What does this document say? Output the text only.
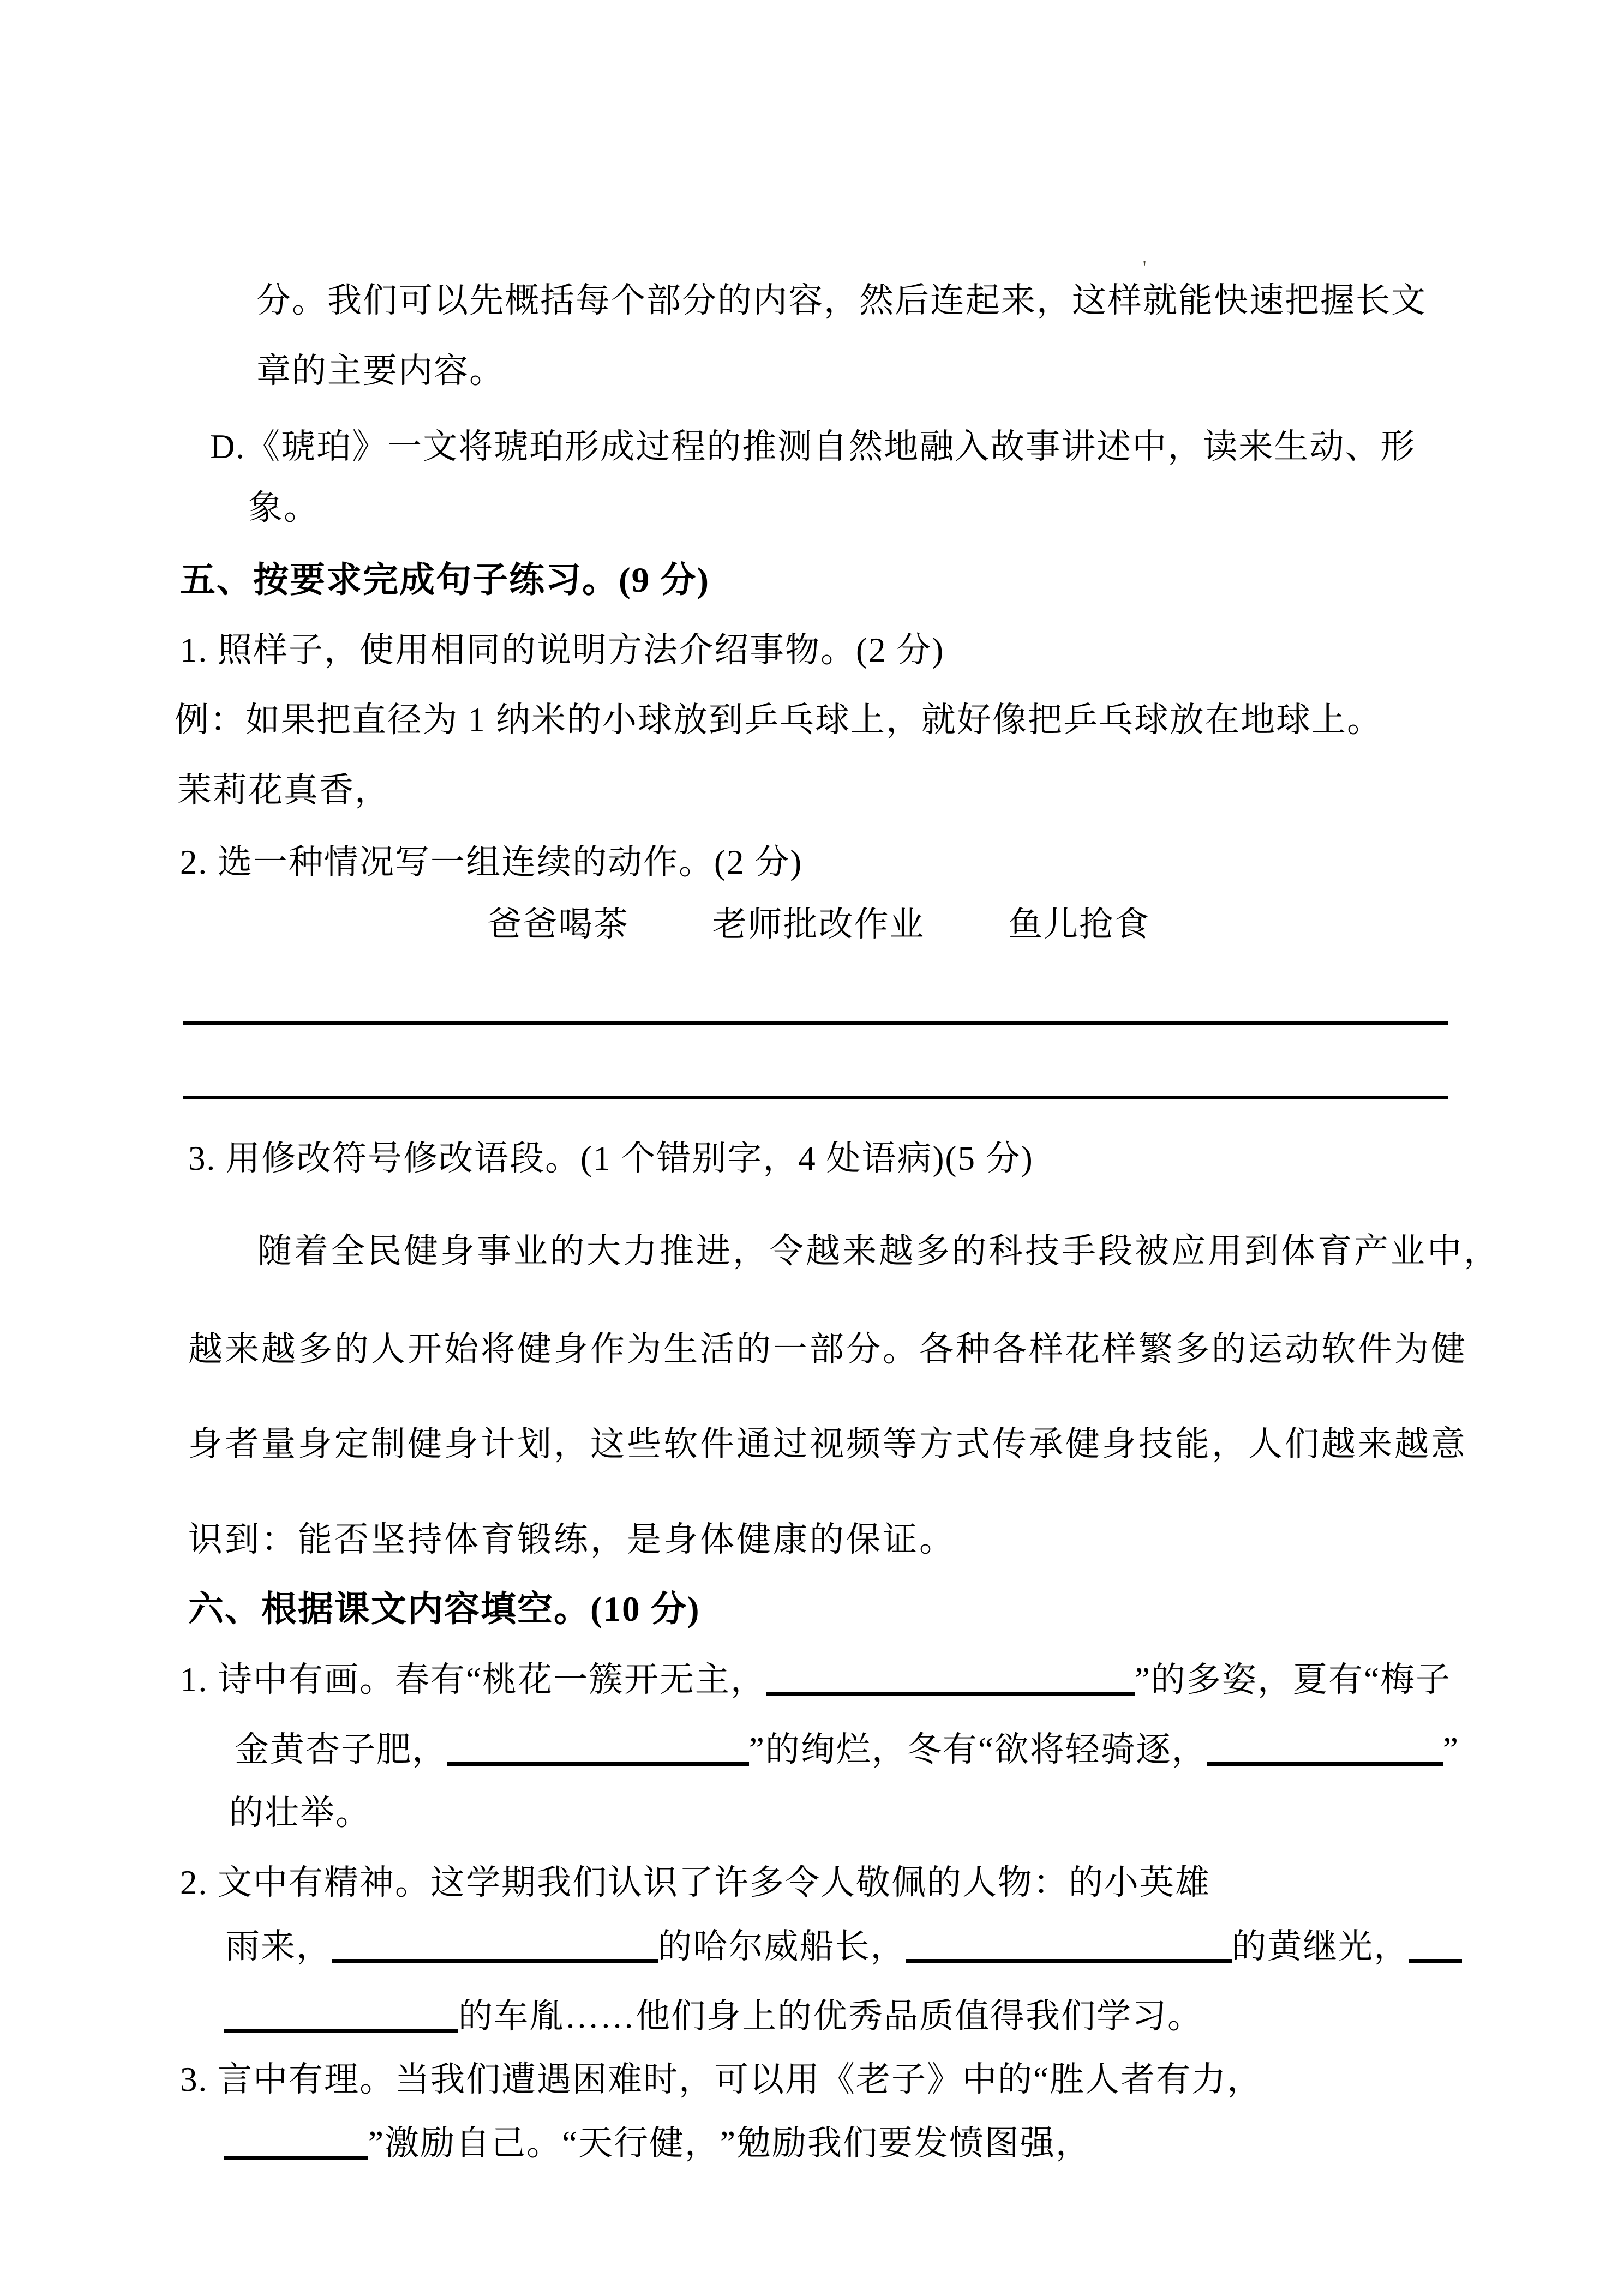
'
分。我们可以先概括每个部分的内容，然后连起来，这样就能快速把握长文
章的主要内容。
D.《琥珀》一文将琥珀形成过程的推测自然地融入故事讲述中，读来生动、形
象。
五、按要求完成句子练习。(9 分)
1. 照样子，使用相同的说明方法介绍事物。(2 分)
例：如果把直径为 1 纳米的小球放到乒乓球上，就好像把乒乓球放在地球上。
茉莉花真香，
2. 选一种情况写一组连续的动作。(2 分)
爸爸喝茶 老师批改作业 鱼儿抢食
3. 用修改符号修改语段。(1 个错别字，4 处语病)(5 分)
随着全民健身事业的大力推进，令越来越多的科技手段被应用到体育产业中，
越来越多的人开始将健身作为生活的一部分。各种各样花样繁多的运动软件为健
身者量身定制健身计划，这些软件通过视频等方式传承健身技能，人们越来越意
识到：能否坚持体育锻练，是身体健康的保证。
六、根据课文内容填空。(10 分)
1. 诗中有画。春有“桃花一簇开无主，	”的多姿，夏有“梅子
金黄杏子肥，	”的绚烂，冬有“欲将轻骑逐，	”
的壮举。
2. 文中有精神。这学期我们认识了许多令人敬佩的人物： 的小英雄
雨来，	的哈尔威船长，	的黄继光，
的车胤……他们身上的优秀品质值得我们学习。
3. 言中有理。当我们遭遇困难时，可以用《老子》中的“胜人者有力，
”激励自己。“天行健， ”勉励我们要发愤图强，
